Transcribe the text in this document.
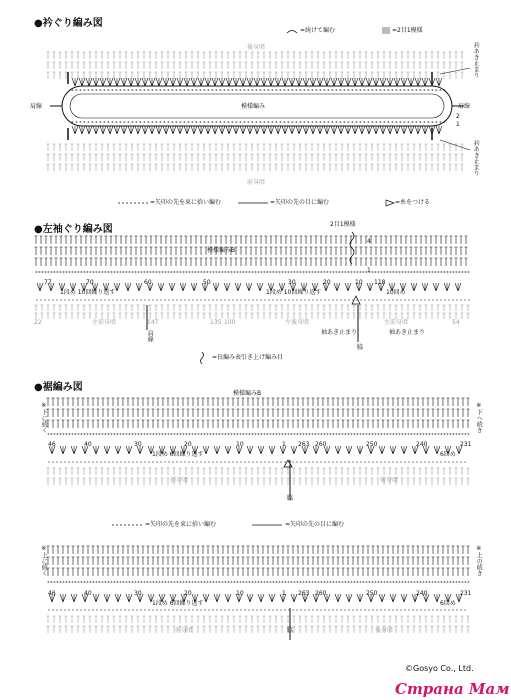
●衿ぐり編み図
=続けて編む	=2目1模様
後身頃
模様編み
前身頃
肩線	肩線
2
1
衿あき止まり
衿あき止まり
=矢印の先を束に拾い編む	=矢印の先の目に編む	=糸をつける
●左袖ぐり編み図	2目1模様
模様編みB
4
1
77	70	60	50	30	20	10 118
1段め 10回繰り返す	1段め 10回繰り返す	10回め
22	左前身頃	147	135 100	左後身頃	左前身頃	54
肩線	袖あき止まり	袖あき止まり
脇
=長編み表引き上げ編み目
●裾編み図
模様編みB
※下に続く	※下へ続き
46	40	30	20	10	1 263 260	250	240	231
1段め 6回繰り返す	6回め
前身頃	後身頃
脇
=矢印の先を束に拾い編む	=矢印の先の目に編む
※上に続く	※上の続き
46	40	30	20	10	1 263 260	250	240	231
1段め 6回繰り返す	6回め
前身頃	後身頃
脇
©Gosyo Co., Ltd.
Страна Мам
